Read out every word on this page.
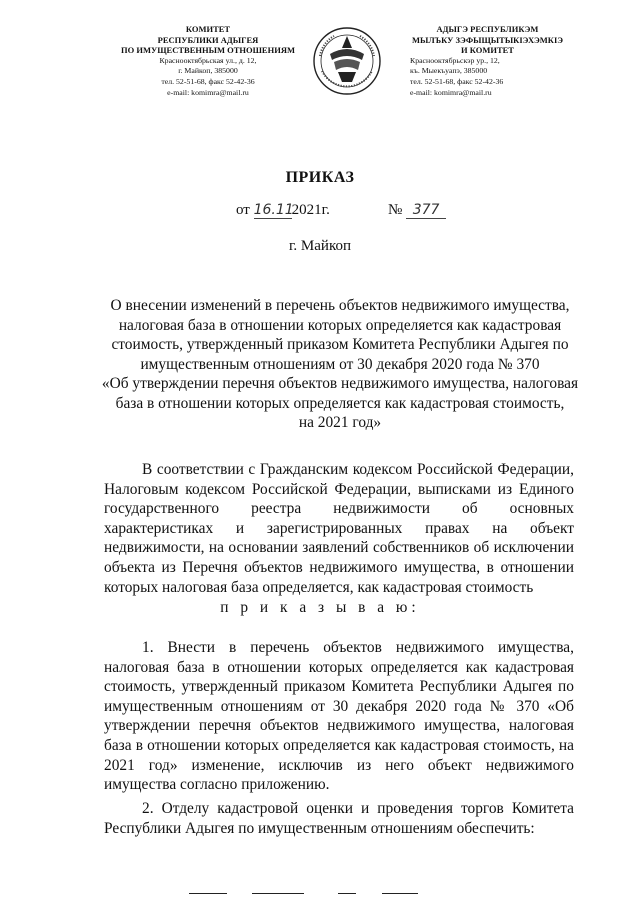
КОМИТЕТ
РЕСПУБЛИКИ АДЫГЕЯ
ПО ИМУЩЕСТВЕННЫМ ОТНОШЕНИЯМ
Краснооктябрьская ул., д. 12,
г. Майкоп, 385000
тел. 52-51-68, факс 52-42-36
e-mail: komimra@mail.ru
АДЫГЭ РЕСПУБЛИКЭМ
МЫЛЪКУ ЗЭФЫЩЫТЫКIЭХЭМКIЭ
И КОМИТЕТ
Краснооктябрьскэр ур., 12,
къ. Мыекъуапэ, 385000
тел. 52-51-68, факс 52-42-36
e-mail: komimra@mail.ru
ПРИКАЗ
от 16.112021г.	№ 377
г. Майкоп
О внесении изменений в перечень объектов недвижимого имущества,
налоговая база в отношении которых определяется как кадастровая
стоимость, утвержденный приказом Комитета Республики Адыгея по
имущественным отношениям от 30 декабря 2020 года № 370
«Об утверждении перечня объектов недвижимого имущества, налоговая
база в отношении которых определяется как кадастровая стоимость,
на 2021 год»
В соответствии с Гражданским кодексом Российской Федерации, Налоговым кодексом Российской Федерации, выписками из Единого государственного реестра недвижимости об основных характеристиках и зарегистрированных правах на объект недвижимости, на основании заявлений собственников об исключении объекта из Перечня объектов недвижимого имущества, в отношении которых налоговая база определяется, как кадастровая стоимость
п р и к а з ы в а ю:
1. Внести в перечень объектов недвижимого имущества, налоговая база в отношении которых определяется как кадастровая стоимость, утвержденный приказом Комитета Республики Адыгея по имущественным отношениям от 30 декабря 2020 года № 370 «Об утверждении перечня объектов недвижимого имущества, налоговая база в отношении которых определяется как кадастровая стоимость, на 2021 год» изменение, исключив из него объект недвижимого имущества согласно приложению.
2. Отделу кадастровой оценки и проведения торгов Комитета Республики Адыгея по имущественным отношениям обеспечить:
